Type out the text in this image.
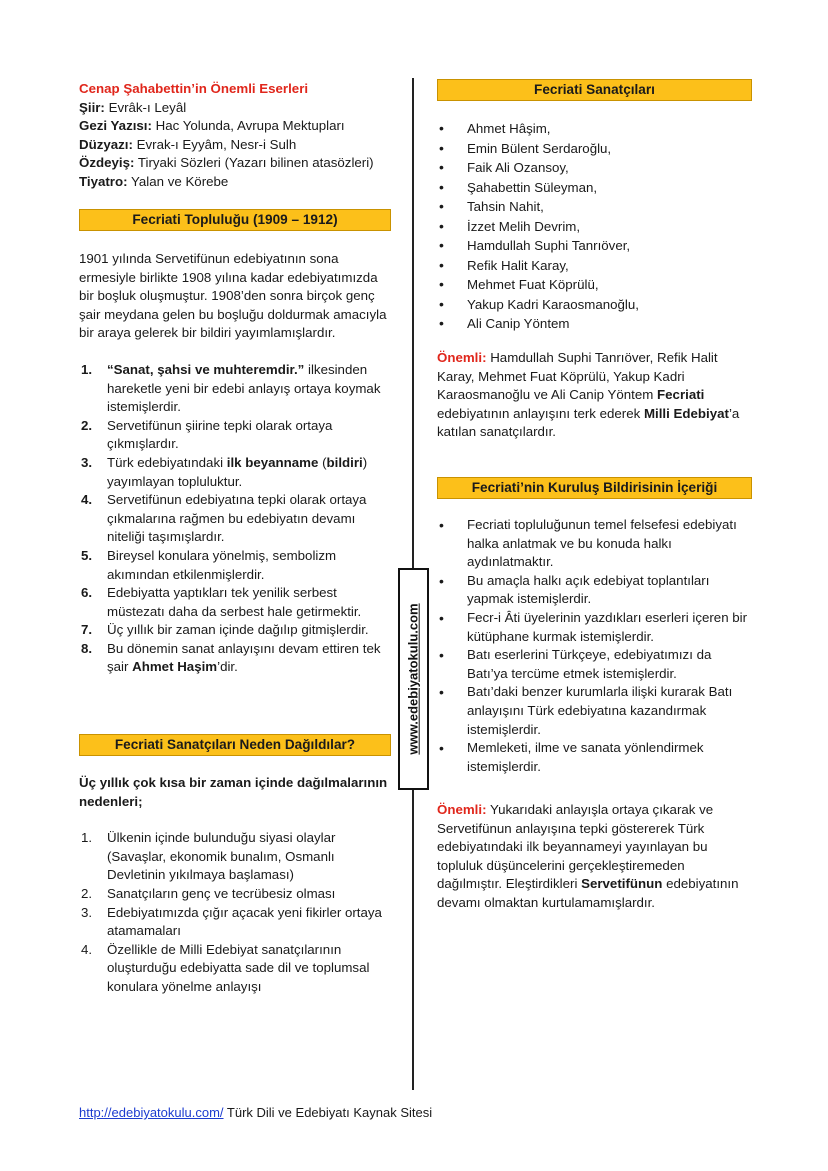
Cenap Şahabettin’in Önemli Eserleri

Şiir: Evrâk-ı Leyâl
Gezi Yazısı: Hac Yolunda, Avrupa Mektupları
Düzyazı: Evrak-ı Eyyâm, Nesr-i Sulh
Özdeyiş: Tiryaki Sözleri (Yazarı bilinen atasözleri)
Tiyatro: Yalan ve Körebe
Fecriati Topluluğu (1909 – 1912)

1901 yılında Servetifünun edebiyatının sona ermesiyle birlikte 1908 yılına kadar edebiyatımızda bir boşluk oluşmuştur. 1908’den sonra birçok genç şair meydana gelen bu boşluğu doldurmak amacıyla bir araya gelerek bir bildiri yayımlamışlardır.

1. “Sanat, şahsi ve muhteremdir.” ilkesinden hareketle yeni bir edebi anlayış ortaya koymak istemişlerdir.
2. Servetifünun şiirine tepki olarak ortaya çıkmışlardır.
3. Türk edebiyatındaki ilk beyanname (bildiri) yayımlayan topluluktur.
4. Servetifünun edebiyatına tepki olarak ortaya çıkmalarına rağmen bu edebiyatın devamı niteliği taşımışlardır.
5. Bireysel konulara yönelmiş, sembolizm akımından etkilenmişlerdir.
6. Edebiyatta yaptıkları tek yenilik serbest müstezatı daha da serbest hale getirmektir.
7. Üç yıllık bir zaman içinde dağılıp gitmişlerdir.
8. Bu dönemin sanat anlayışını devam ettiren tek şair Ahmet Haşim’dir.
Fecriati Sanatçıları Neden Dağıldılar?

Üç yıllık çok kısa bir zaman içinde dağılmalarının nedenleri;

1. Ülkenin içinde bulunduğu siyasi olaylar (Savaşlar, ekonomik bunalım, Osmanlı Devletinin yıkılmaya başlaması)
2. Sanatçıların genç ve tecrübesiz olması
3. Edebiyatımızda çığır açacak yeni fikirler ortaya atamamaları
4. Özellikle de Milli Edebiyat sanatçılarının oluşturduğu edebiyatta sade dil ve toplumsal konulara yönelme anlayışı
www.edebiyatokulu.com
Fecriati Sanatçıları
• Ahmet Hâşim,
• Emin Bülent Serdaroğlu,
• Faik Ali Ozansoy,
• Şahabettin Süleyman,
• Tahsin Nahit,
• İzzet Melih Devrim,
• Hamdullah Suphi Tanrıöver,
• Refik Halit Karay,
• Mehmet Fuat Köprülü,
• Yakup Kadri Karaosmanoğlu,
• Ali Canip Yöntem

Önemli: Hamdullah Suphi Tanrıöver, Refik Halit Karay, Mehmet Fuat Köprülü, Yakup Kadri Karaosmanoğlu ve Ali Canip Yöntem Fecriati edebiyatının anlayışını terk ederek Milli Edebiyat’a katılan sanatçılardır.

Fecriati’nin Kuruluş Bildirisinin İçeriği
• Fecriati topluluğunun temel felsefesi edebiyatı halka anlatmak ve bu konuda halkı aydınlatmaktır.
• Bu amaçla halkı açık edebiyat toplantıları yapmak istemişlerdir.
• Fecr-i Âti üyelerinin yazdıkları eserleri içeren bir kütüphane kurmak istemişlerdir.
• Batı eserlerini Türkçeye, edebiyatımızı da Batı’ya tercüme etmek istemişlerdir.
• Batı’daki benzer kurumlarla ilişki kurarak Batı anlayışını Türk edebiyatına kazandırmak istemişlerdir.
• Memleketi, ilme ve sanata yönlendirmek istemişlerdir.

Önemli: Yukarıdaki anlayışla ortaya çıkarak ve Servetifünun anlayışına tepki göstererek Türk edebiyatındaki ilk beyannameyi yayınlayan bu topluluk düşüncelerini gerçekleştiremeden dağılmıştır. Eleştirdikleri Servetifünun edebiyatının devamı olmaktan kurtulamamışlardır.

http://edebiyatokulu.com/ Türk Dili ve Edebiyatı Kaynak Sitesi
